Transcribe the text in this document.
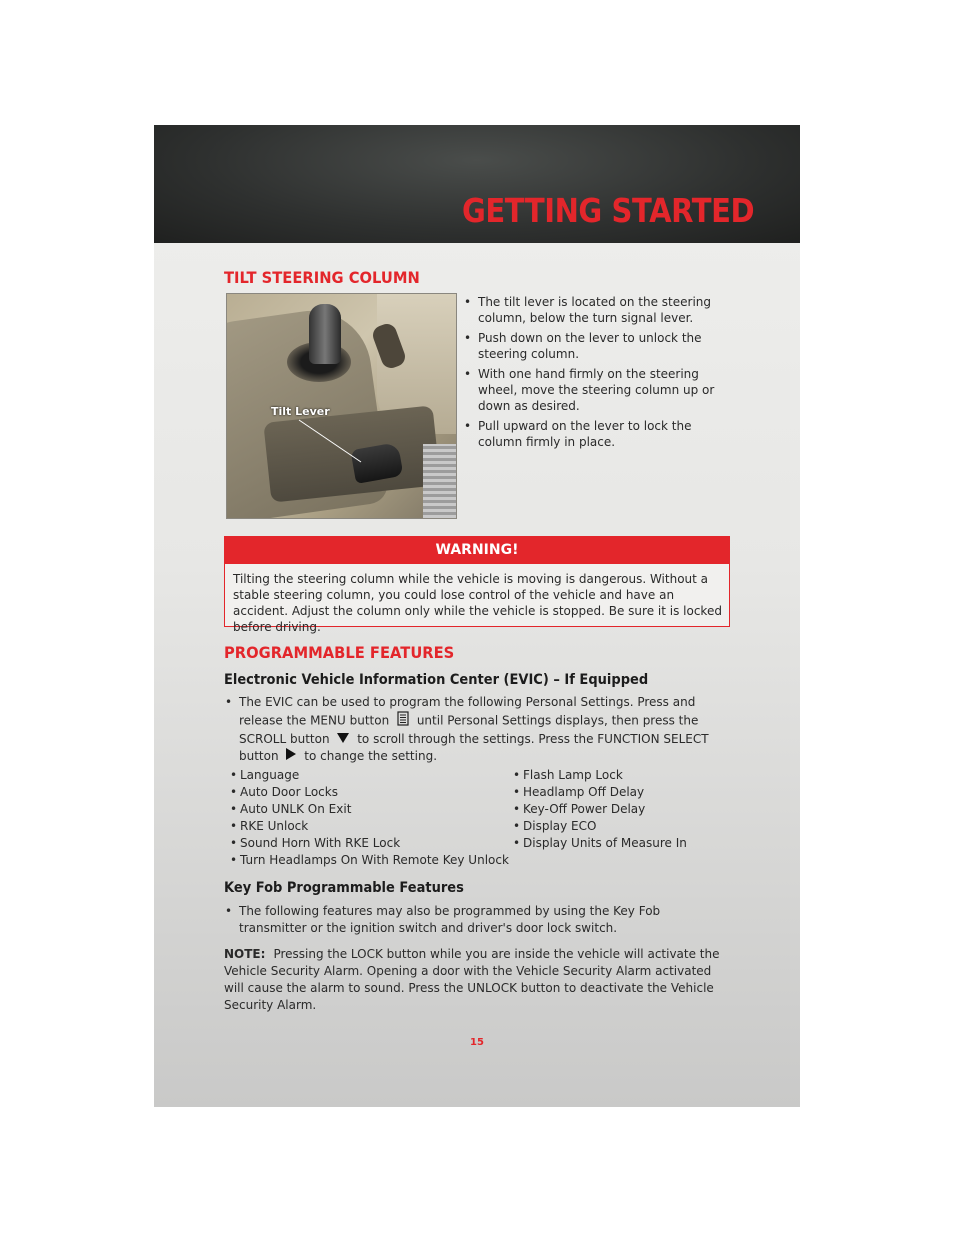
GETTING STARTED
TILT STEERING COLUMN
Tilt Lever
• The tilt lever is located on the steering column, below the turn signal lever.
• Push down on the lever to unlock the steering column.
• With one hand firmly on the steering wheel, move the steering column up or down as desired.
• Pull upward on the lever to lock the column firmly in place.
WARNING!
Tilting the steering column while the vehicle is moving is dangerous. Without a stable steering column, you could lose control of the vehicle and have an accident. Adjust the column only while the vehicle is stopped. Be sure it is locked before driving.
PROGRAMMABLE FEATURES
Electronic Vehicle Information Center (EVIC) – If Equipped
• The EVIC can be used to program the following Personal Settings. Press and release the MENU button until Personal Settings displays, then press the SCROLL button to scroll through the settings. Press the FUNCTION SELECT button to change the setting.
• Language
• Auto Door Locks
• Auto UNLK On Exit
• RKE Unlock
• Sound Horn With RKE Lock
• Turn Headlamps On With Remote Key Unlock
• Flash Lamp Lock
• Headlamp Off Delay
• Key-Off Power Delay
• Display ECO
• Display Units of Measure In
Key Fob Programmable Features
• The following features may also be programmed by using the Key Fob transmitter or the ignition switch and driver's door lock switch.
NOTE: Pressing the LOCK button while you are inside the vehicle will activate the Vehicle Security Alarm. Opening a door with the Vehicle Security Alarm activated will cause the alarm to sound. Press the UNLOCK button to deactivate the Vehicle Security Alarm.
15
